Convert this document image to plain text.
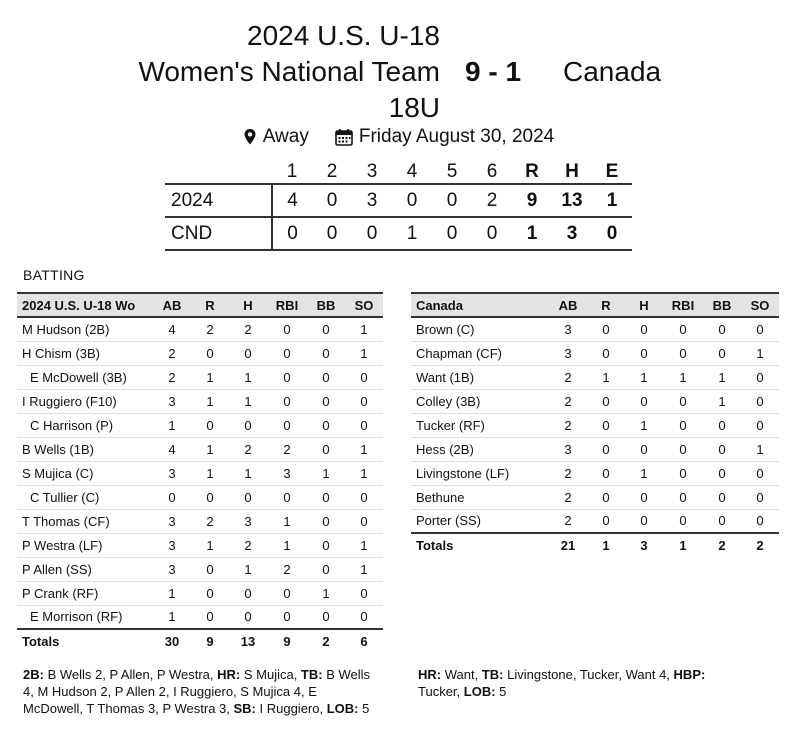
2024 U.S. U-18
Women's National Team
18U
9 - 1 Canada
Away	Friday August 30, 2024
	1	2	3	4	5	6	R	H	E
2024	4	0	3	0	0	2	9	13	1
CND	0	0	0	1	0	0	1	3	0
BATTING
2024 U.S. U-18 Wo	AB	R	H	RBI	BB	SO
M Hudson (2B)	4	2	2	0	0	1
H Chism (3B)	2	0	0	0	0	1
E McDowell (3B)	2	1	1	0	0	0
I Ruggiero (F10)	3	1	1	0	0	0
C Harrison (P)	1	0	0	0	0	0
B Wells (1B)	4	1	2	2	0	1
S Mujica (C)	3	1	1	3	1	1
C Tullier (C)	0	0	0	0	0	0
T Thomas (CF)	3	2	3	1	0	0
P Westra (LF)	3	1	2	1	0	1
P Allen (SS)	3	0	1	2	0	1
P Crank (RF)	1	0	0	0	1	0
E Morrison (RF)	1	0	0	0	0	0
Totals	30	9	13	9	2	6
Canada	AB	R	H	RBI	BB	SO
Brown (C)	3	0	0	0	0	0
Chapman (CF)	3	0	0	0	0	1
Want (1B)	2	1	1	1	1	0
Colley (3B)	2	0	0	0	1	0
Tucker (RF)	2	0	1	0	0	0
Hess (2B)	3	0	0	0	0	1
Livingstone (LF)	2	0	1	0	0	0
Bethune	2	0	0	0	0	0
Porter (SS)	2	0	0	0	0	0
Totals	21	1	3	1	2	2
2B: B Wells 2, P Allen, P Westra, HR: S Mujica, TB: B Wells 4, M Hudson 2, P Allen 2, I Ruggiero, S Mujica 4, E McDowell, T Thomas 3, P Westra 3, SB: I Ruggiero, LOB: 5
HR: Want, TB: Livingstone, Tucker, Want 4, HBP: Tucker, LOB: 5
